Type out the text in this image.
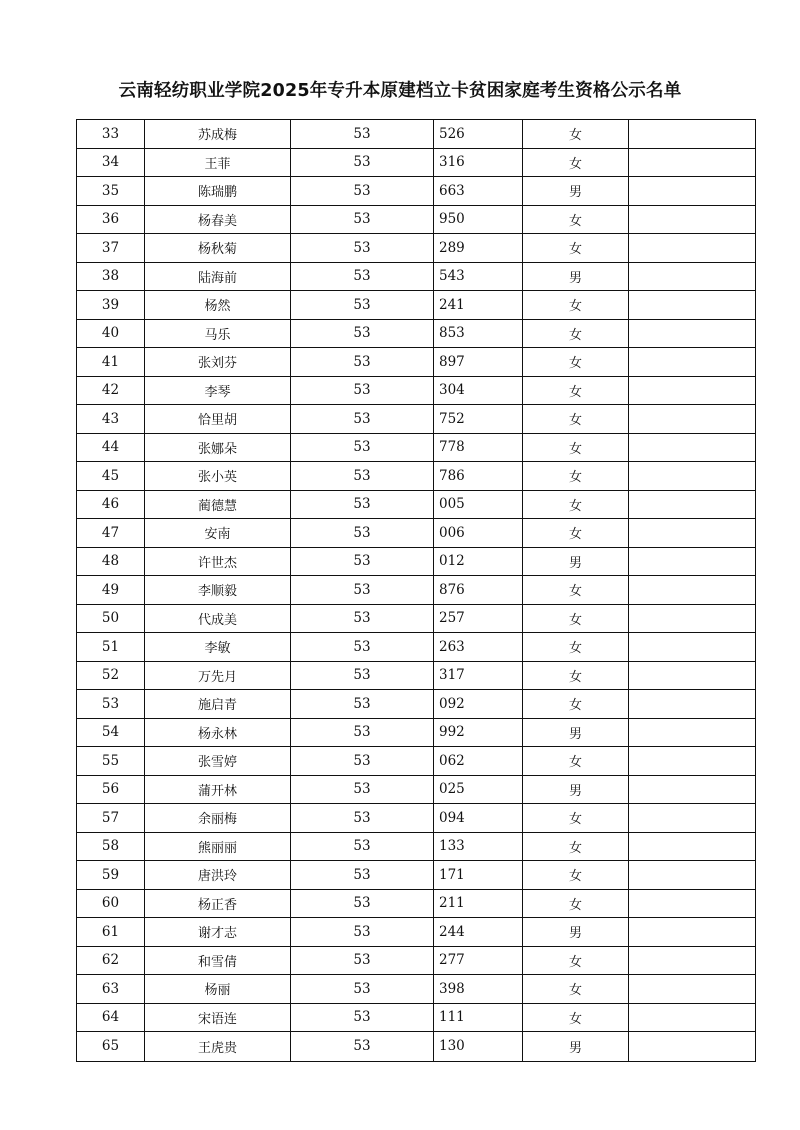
云南轻纺职业学院2025年专升本原建档立卡贫困家庭考生资格公示名单
33	苏成梅	53	526	女
34	王菲	53	316	女
35	陈瑞鹏	53	663	男
36	杨春美	53	950	女
37	杨秋菊	53	289	女
38	陆海前	53	543	男
39	杨然	53	241	女
40	马乐	53	853	女
41	张刘芬	53	897	女
42	李琴	53	304	女
43	恰里胡	53	752	女
44	张娜朵	53	778	女
45	张小英	53	786	女
46	蔺德慧	53	005	女
47	安南	53	006	女
48	许世杰	53	012	男
49	李顺毅	53	876	女
50	代成美	53	257	女
51	李敏	53	263	女
52	万先月	53	317	女
53	施启青	53	092	女
54	杨永林	53	992	男
55	张雪婷	53	062	女
56	蒲开林	53	025	男
57	余丽梅	53	094	女
58	熊丽丽	53	133	女
59	唐洪玲	53	171	女
60	杨正香	53	211	女
61	谢才志	53	244	男
62	和雪倩	53	277	女
63	杨丽	53	398	女
64	宋语连	53	111	女
65	王虎贵	53	130	男
